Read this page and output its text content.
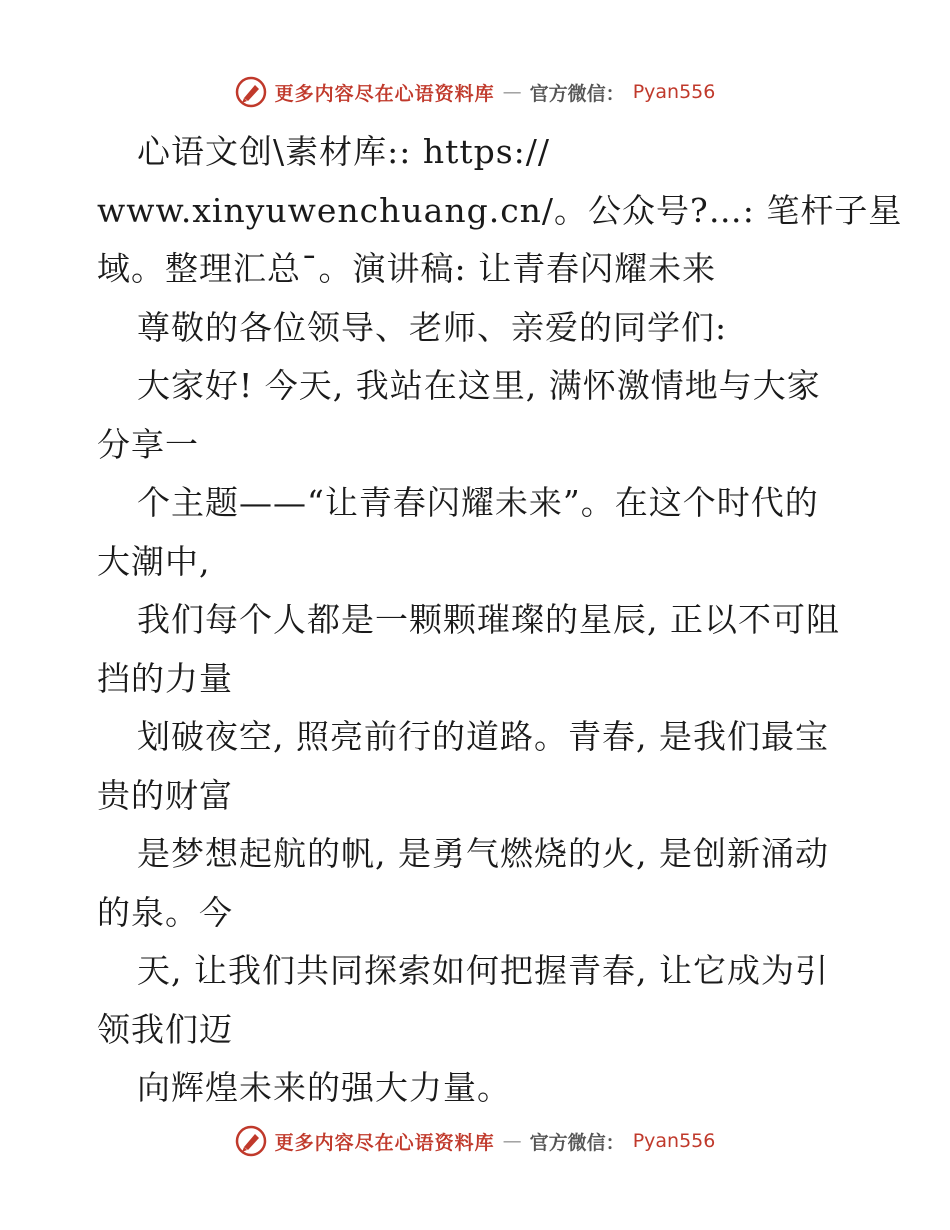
更多内容尽在心语资料库 — 官方微信： Pyan556
心语文创\素材库:: https://
www.xinyuwenchuang.cn/。公众号?…: 笔杆子星
域。整理汇总¯。演讲稿: 让青春闪耀未来
尊敬的各位领导、老师、亲爱的同学们:
大家好! 今天, 我站在这里, 满怀激情地与大家
分享一
个主题——“让青春闪耀未来”。在这个时代的
大潮中,
我们每个人都是一颗颗璀璨的星辰, 正以不可阻
挡的力量
划破夜空, 照亮前行的道路。青春, 是我们最宝
贵的财富
是梦想起航的帆, 是勇气燃烧的火, 是创新涌动
的泉。今
天, 让我们共同探索如何把握青春, 让它成为引
领我们迈
向辉煌未来的强大力量。
更多内容尽在心语资料库 — 官方微信： Pyan556
